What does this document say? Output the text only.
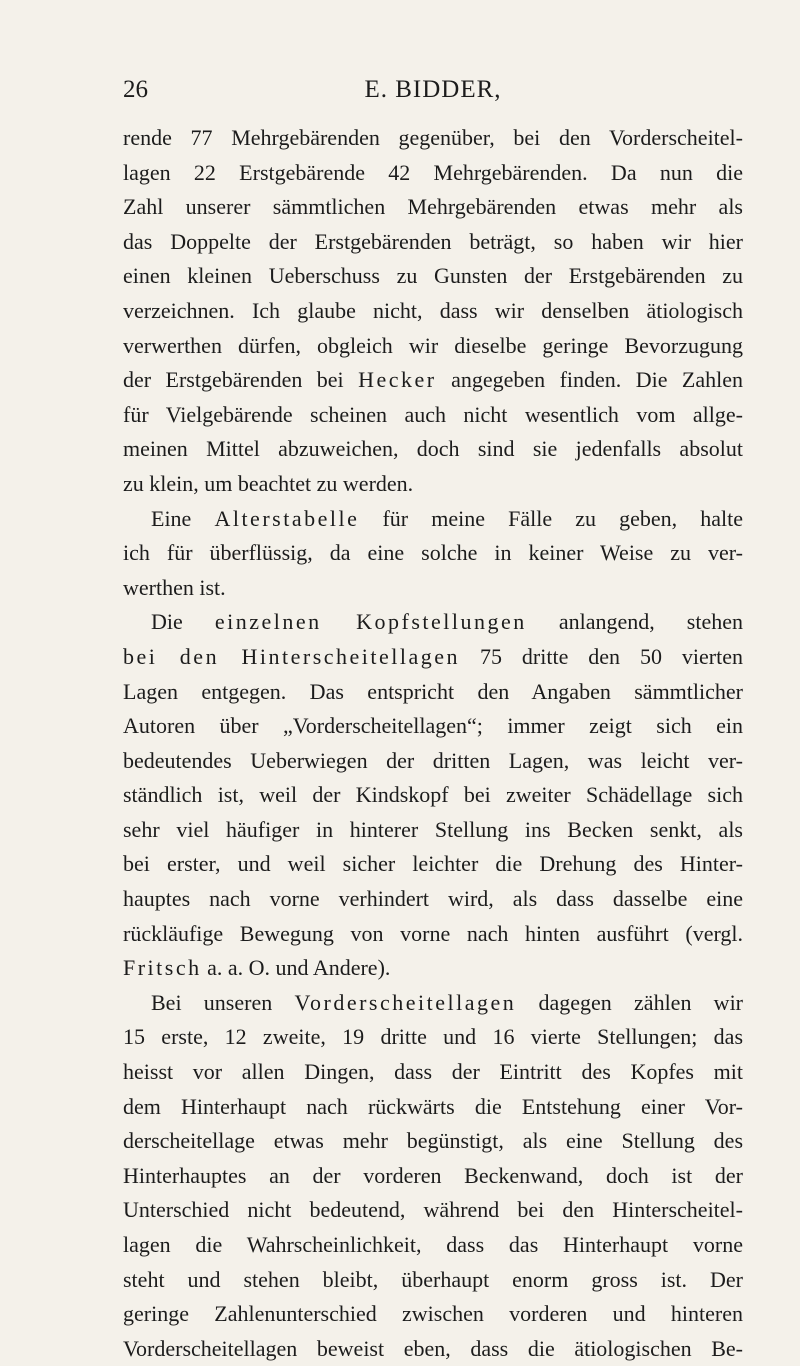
26	E. BIDDER,
rende 77 Mehrgebärenden gegenüber, bei den Vorderscheitel-
lagen 22 Erstgebärende 42 Mehrgebärenden. Da nun die
Zahl unserer sämmtlichen Mehrgebärenden etwas mehr als
das Doppelte der Erstgebärenden beträgt, so haben wir hier
einen kleinen Ueberschuss zu Gunsten der Erstgebärenden zu
verzeichnen. Ich glaube nicht, dass wir denselben ätiologisch
verwerthen dürfen, obgleich wir dieselbe geringe Bevorzugung
der Erstgebärenden bei Hecker angegeben finden. Die Zahlen
für Vielgebärende scheinen auch nicht wesentlich vom allge-
meinen Mittel abzuweichen, doch sind sie jedenfalls absolut
zu klein, um beachtet zu werden.
Eine Alterstabelle für meine Fälle zu geben, halte
ich für überflüssig, da eine solche in keiner Weise zu ver-
werthen ist.
Die einzelnen Kopfstellungen anlangend, stehen
bei den Hinterscheitellagen 75 dritte den 50 vierten
Lagen entgegen. Das entspricht den Angaben sämmtlicher
Autoren über „Vorderscheitellagen“; immer zeigt sich ein
bedeutendes Ueberwiegen der dritten Lagen, was leicht ver-
ständlich ist, weil der Kindskopf bei zweiter Schädellage sich
sehr viel häufiger in hinterer Stellung ins Becken senkt, als
bei erster, und weil sicher leichter die Drehung des Hinter-
hauptes nach vorne verhindert wird, als dass dasselbe eine
rückläufige Bewegung von vorne nach hinten ausführt (vergl.
Fritsch a. a. O. und Andere).
Bei unseren Vorderscheitellagen dagegen zählen wir
15 erste, 12 zweite, 19 dritte und 16 vierte Stellungen; das
heisst vor allen Dingen, dass der Eintritt des Kopfes mit
dem Hinterhaupt nach rückwärts die Entstehung einer Vor-
derscheitellage etwas mehr begünstigt, als eine Stellung des
Hinterhauptes an der vorderen Beckenwand, doch ist der
Unterschied nicht bedeutend, während bei den Hinterscheitel-
lagen die Wahrscheinlichkeit, dass das Hinterhaupt vorne
steht und stehen bleibt, überhaupt enorm gross ist. Der
geringe Zahlenunterschied zwischen vorderen und hinteren
Vorderscheitellagen beweist eben, dass die ätiologischen Be-
